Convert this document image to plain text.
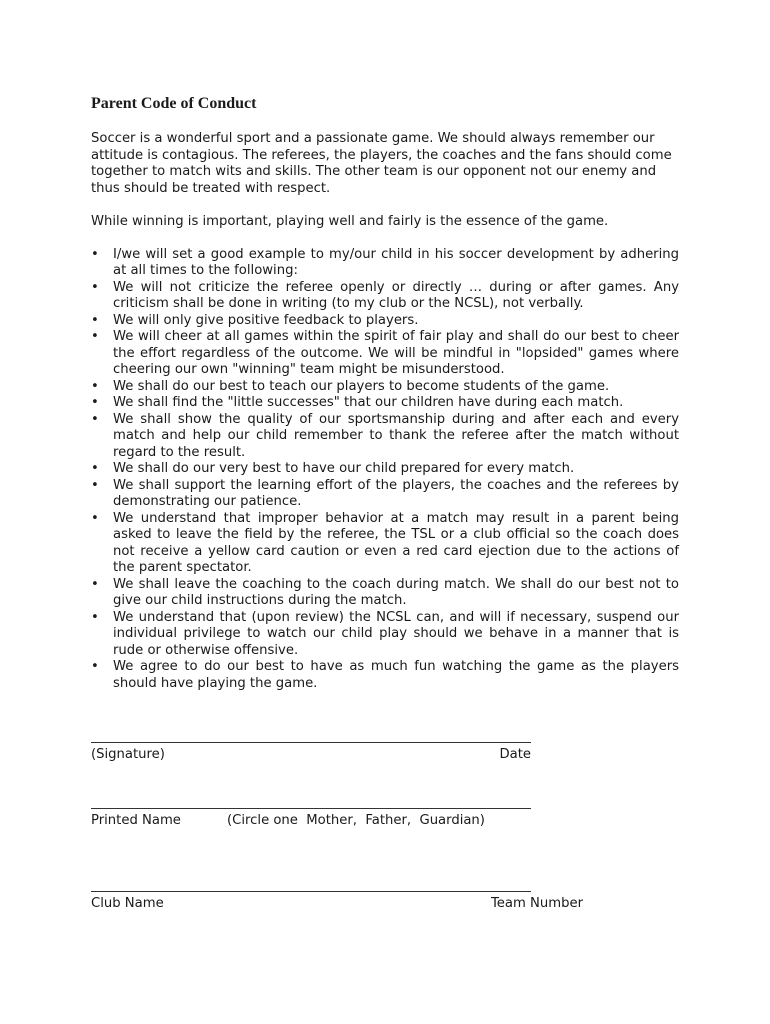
Parent Code of Conduct

Soccer is a wonderful sport and a passionate game. We should always remember our attitude is contagious. The referees, the players, the coaches and the fans should come together to match wits and skills. The other team is our opponent not our enemy and thus should be treated with respect.

While winning is important, playing well and fairly is the essence of the game.

• I/we will set a good example to my/our child in his soccer development by adhering at all times to the following:
• We will not criticize the referee openly or directly … during or after games. Any criticism shall be done in writing (to my club or the NCSL), not verbally.
• We will only give positive feedback to players.
• We will cheer at all games within the spirit of fair play and shall do our best to cheer the effort regardless of the outcome. We will be mindful in "lopsided" games where cheering our own "winning" team might be misunderstood.
• We shall do our best to teach our players to become students of the game.
• We shall find the "little successes" that our children have during each match.
• We shall show the quality of our sportsmanship during and after each and every match and help our child remember to thank the referee after the match without regard to the result.
• We shall do our very best to have our child prepared for every match.
• We shall support the learning effort of the players, the coaches and the referees by demonstrating our patience.
• We understand that improper behavior at a match may result in a parent being asked to leave the field by the referee, the TSL or a club official so the coach does not receive a yellow card caution or even a red card ejection due to the actions of the parent spectator.
• We shall leave the coaching to the coach during match. We shall do our best not to give our child instructions during the match.
• We understand that (upon review) the NCSL can, and will if necessary, suspend our individual privilege to watch our child play should we behave in a manner that is rude or otherwise offensive.
• We agree to do our best to have as much fun watching the game as the players should have playing the game.
(Signature)	Date
Printed Name	(Circle one  Mother,  Father,  Guardian)
Club Name	Team Number
